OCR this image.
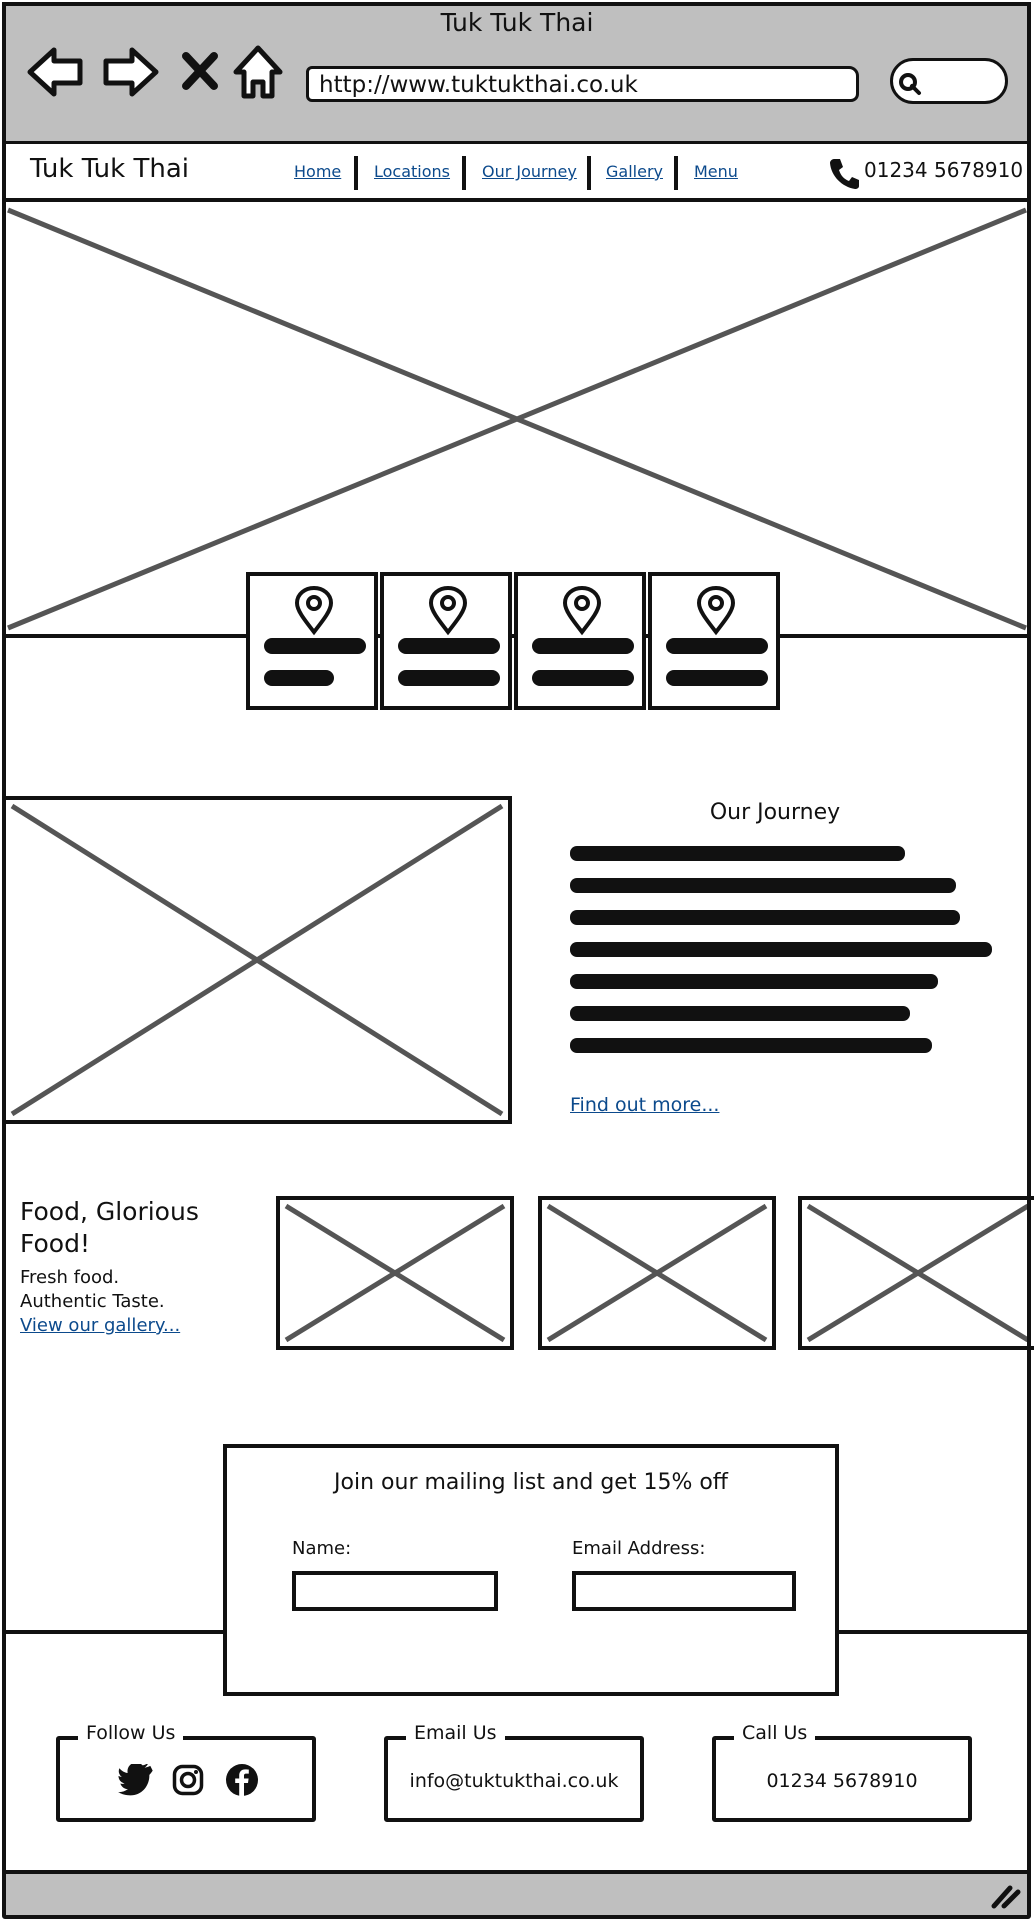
Tuk Tuk Thai
http://www.tuktukthai.co.uk
Tuk Tuk Thai	Home Locations Our Journey Gallery Menu	01234 5678910
Our Journey
Find out more...
Food, Glorious Food!
Fresh food.
Authentic Taste.
View our gallery...
Join our mailing list and get 15% off
Name:	Email Address:
Follow Us	Email Us
info@tuktukthai.co.uk
Call Us
01234 5678910
